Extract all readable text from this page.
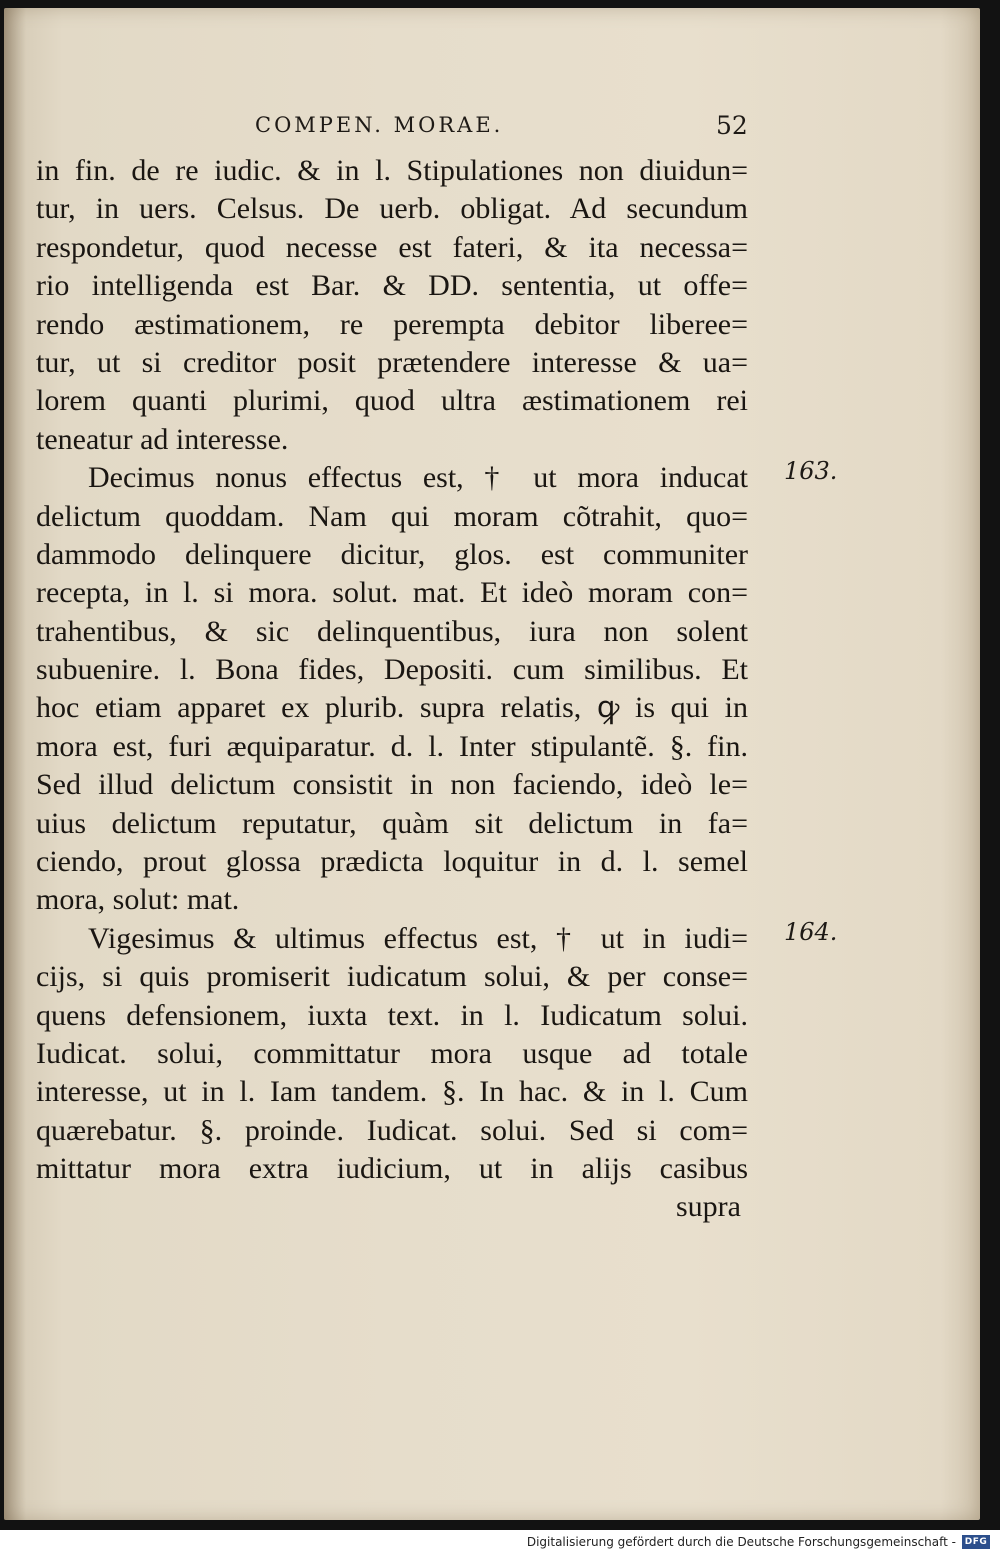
COMPEN. MORAE.	52
in fin. de re iudic. & in l. Stipulationes non diuidun=
tur, in uers. Celsus. De uerb. obligat. Ad secundum
respondetur, quod necesse est fateri, & ita necessa=
rio intelligenda est Bar. & DD. sententia, ut offe=
rendo æstimationem, re perempta debitor liberee=
tur, ut si creditor posit prætendere interesse & ua=
lorem quanti plurimi, quod ultra æstimationem rei
teneatur ad interesse.
Decimus nonus effectus est, † ut mora inducat
delictum quoddam. Nam qui moram cõtrahit, quo=
dammodo delinquere dicitur, glos. est communiter
recepta, in l. si mora. solut. mat. Et ideò moram con=
trahentibus, & sic delinquentibus, iura non solent
subuenire. l. Bona fides, Depositi. cum similibus. Et
hoc etiam apparet ex plurib. supra relatis, ꝙ is qui in
mora est, furi æquiparatur. d. l. Inter stipulantẽ. §. fin.
Sed illud delictum consistit in non faciendo, ideò le=
uius delictum reputatur, quàm sit delictum in fa=
ciendo, prout glossa prædicta loquitur in d. l. semel
mora, solut: mat.
Vigesimus & ultimus effectus est, † ut in iudi=
cijs, si quis promiserit iudicatum solui, & per conse=
quens defensionem, iuxta text. in l. Iudicatum solui.
Iudicat. solui, committatur mora usque ad totale
interesse, ut in l. Iam tandem. §. In hac. & in l. Cum
quærebatur. §. proinde. Iudicat. solui. Sed si com=
mittatur mora extra iudicium, ut in alijs casibus
supra
163.
164.
Digitalisierung gefördert durch die Deutsche Forschungsgemeinschaft - DFG
